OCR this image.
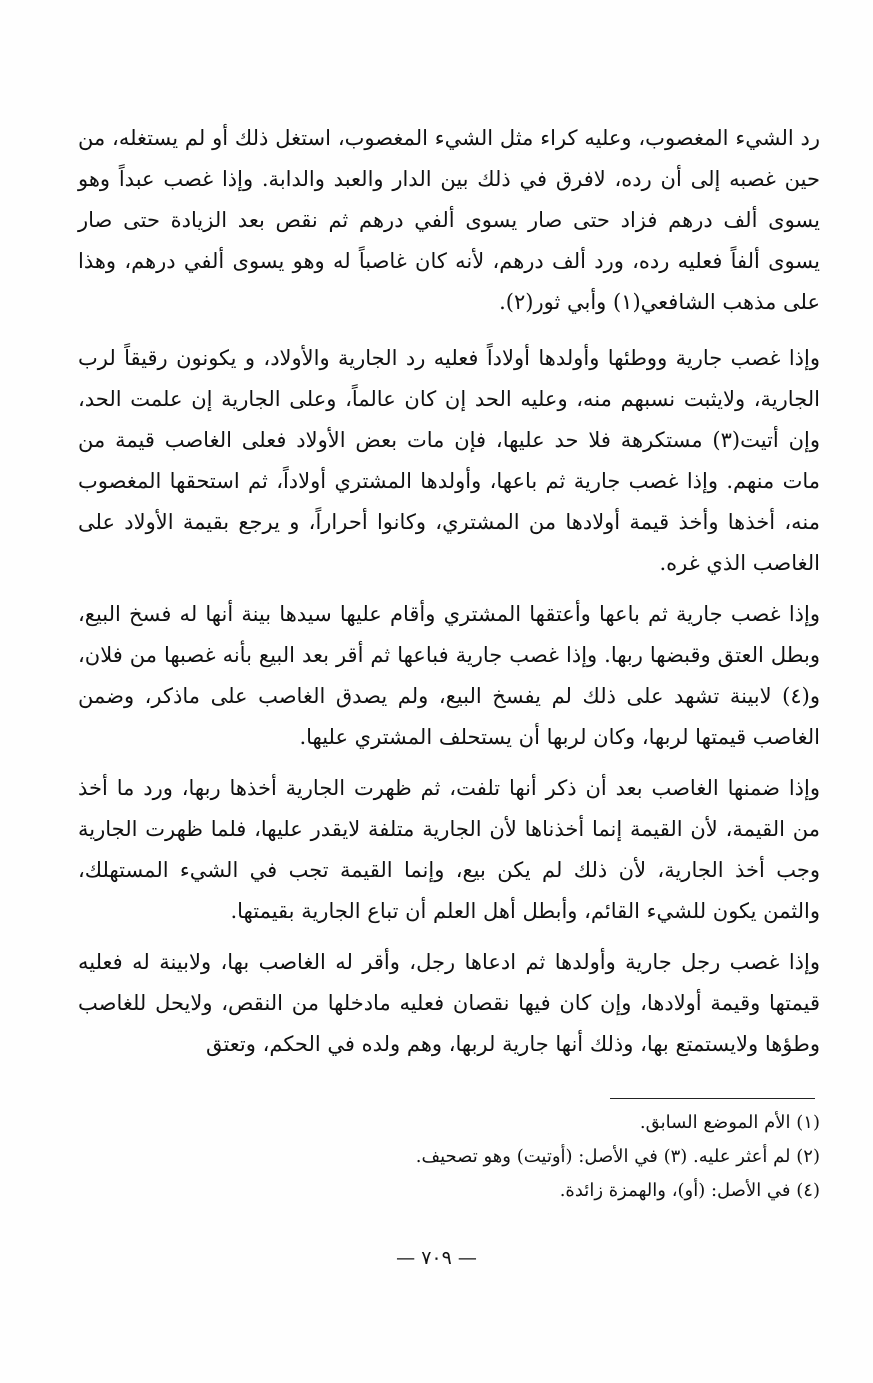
رد الشيء المغصوب، وعليه كراء مثل الشيء المغصوب، استغل ذلك أو لم يستغله، من حين غصبه إلى أن رده، لافرق في ذلك بين الدار والعبد والدابة. وإذا غصب عبداً وهو يسوى ألف درهم فزاد حتى صار يسوى ألفي درهم ثم نقص بعد الزيادة حتى صار يسوى ألفاً فعليه رده، ورد ألف درهم، لأنه كان غاصباً له وهو يسوى ألفي درهم، وهذا على مذهب الشافعي(١) وأبي ثور(٢).

وإذا غصب جارية ووطئها وأولدها أولاداً فعليه رد الجارية والأولاد، و يكونون رقيقاً لرب الجارية، ولايثبت نسبهم منه، وعليه الحد إن كان عالماً، وعلى الجارية إن علمت الحد، وإن أتيت(٣) مستكرهة فلا حد عليها، فإن مات بعض الأولاد فعلى الغاصب قيمة من مات منهم. وإذا غصب جارية ثم باعها، وأولدها المشتري أولاداً، ثم استحقها المغصوب منه، أخذها وأخذ قيمة أولادها من المشتري، وكانوا أحراراً، و يرجع بقيمة الأولاد على الغاصب الذي غره.

وإذا غصب جارية ثم باعها وأعتقها المشتري وأقام عليها سيدها بينة أنها له فسخ البيع، وبطل العتق وقبضها ربها. وإذا غصب جارية فباعها ثم أقر بعد البيع بأنه غصبها من فلان، و(٤) لابينة تشهد على ذلك لم يفسخ البيع، ولم يصدق الغاصب على ماذكر، وضمن الغاصب قيمتها لربها، وكان لربها أن يستحلف المشتري عليها.

وإذا ضمنها الغاصب بعد أن ذكر أنها تلفت، ثم ظهرت الجارية أخذها ربها، ورد ما أخذ من القيمة، لأن القيمة إنما أخذناها لأن الجارية متلفة لايقدر عليها، فلما ظهرت الجارية وجب أخذ الجارية، لأن ذلك لم يكن بيع، وإنما القيمة تجب في الشيء المستهلك، والثمن يكون للشيء القائم، وأبطل أهل العلم أن تباع الجارية بقيمتها.

وإذا غصب رجل جارية وأولدها ثم ادعاها رجل، وأقر له الغاصب بها، ولابينة له فعليه قيمتها وقيمة أولادها، وإن كان فيها نقصان فعليه مادخلها من النقص، ولايحل للغاصب وطؤها ولايستمتع بها، وذلك أنها جارية لربها، وهم ولده في الحكم، وتعتق

(١) الأم الموضع السابق.
(٢) لم أعثر عليه. (٣) في الأصل: (أوتيت) وهو تصحيف.
(٤) في الأصل: (أو)، والهمزة زائدة.
— ٧٠٩ —
